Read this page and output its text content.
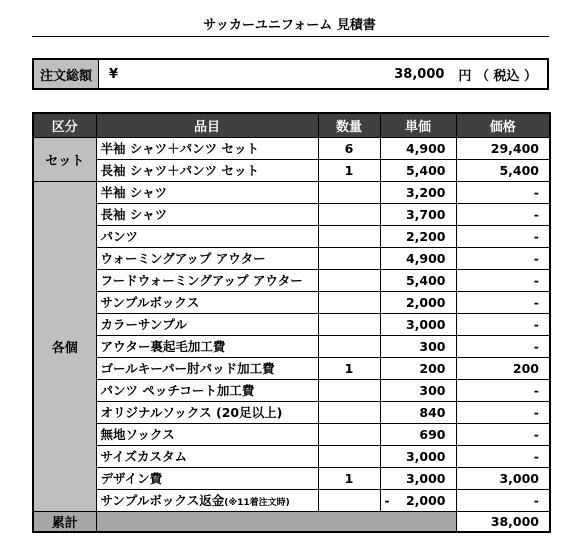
サッカーユニフォーム 見積書
注文総額	¥	38,000	円 （ 税込 ）
区分	品目	数量	単価	価格
セット	半袖 シャツ＋パンツ セット	6	4,900	29,400
	長袖 シャツ＋パンツ セット	1	5,400	5,400
各個	半袖 シャツ		3,200	-
	長袖 シャツ		3,700	-
	パンツ		2,200	-
	ウォーミングアップ アウター		4,900	-
	フードウォーミングアップ アウター		5,400	-
	サンプルボックス		2,000	-
	カラーサンプル		3,000	-
	アウター裏起毛加工費		300	-
	ゴールキーパー肘パッド加工費	1	200	200
	パンツ ペッチコート加工費		300	-
	オリジナルソックス (20足以上)		840	-
	無地ソックス		690	-
	サイズカスタム		3,000	-
	デザイン費	1	3,000	3,000
	サンプルボックス返金(※11着注文時)		- 2,000	-
累計				38,000
